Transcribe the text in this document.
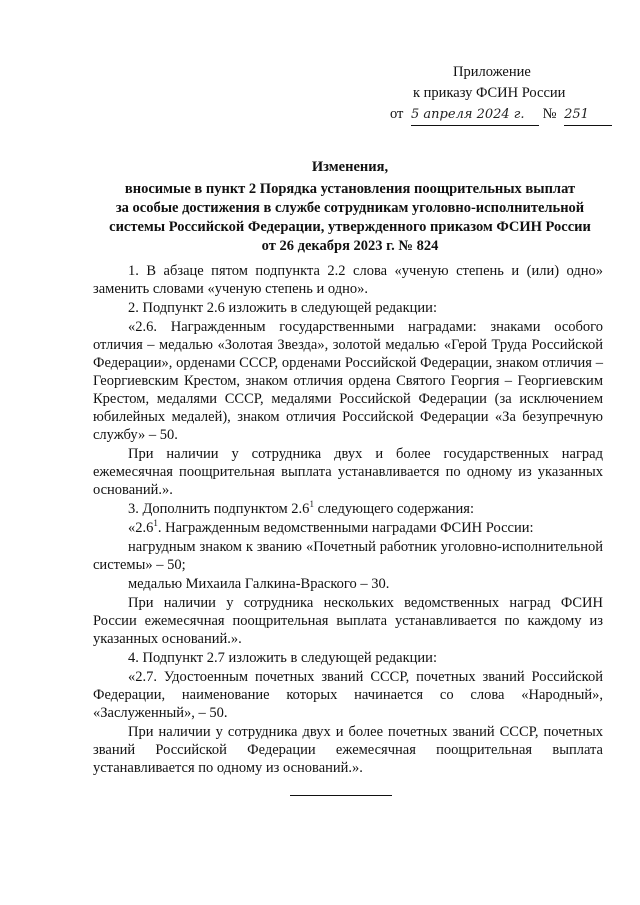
Приложение
к приказу ФСИН России
от 5 апреля 2024 г. № 251
Изменения,
вносимые в пункт 2 Порядка установления поощрительных выплат
за особые достижения в службе сотрудникам уголовно-исполнительной
системы Российской Федерации, утвержденного приказом ФСИН России
от 26 декабря 2023 г. № 824

1. В абзаце пятом подпункта 2.2 слова «ученую степень и (или) одно» заменить словами «ученую степень и одно».

2. Подпункт 2.6 изложить в следующей редакции:

«2.6. Награжденным государственными наградами: знаками особого отличия – медалью «Золотая Звезда», золотой медалью «Герой Труда Российской Федерации», орденами СССР, орденами Российской Федерации, знаком отличия – Георгиевским Крестом, знаком отличия ордена Святого Георгия – Георгиевским Крестом, медалями СССР, медалями Российской Федерации (за исключением юбилейных медалей), знаком отличия Российской Федерации «За безупречную службу» – 50.

При наличии у сотрудника двух и более государственных наград ежемесячная поощрительная выплата устанавливается по одному из указанных оснований.».

3. Дополнить подпунктом $2.6^1$ следующего содержания:

«$2.6^1$. Награжденным ведомственными наградами ФСИН России:

нагрудным знаком к званию «Почетный работник уголовно-исполнительной системы» – 50;

медалью Михаила Галкина-Враского – 30.

При наличии у сотрудника нескольких ведомственных наград ФСИН России ежемесячная поощрительная выплата устанавливается по каждому из указанных оснований.».

4. Подпункт 2.7 изложить в следующей редакции:

«2.7. Удостоенным почетных званий СССР, почетных званий Российской Федерации, наименование которых начинается со слова «Народный», «Заслуженный», – 50.

При наличии у сотрудника двух и более почетных званий СССР, почетных званий Российской Федерации ежемесячная поощрительная выплата устанавливается по одному из оснований.».
